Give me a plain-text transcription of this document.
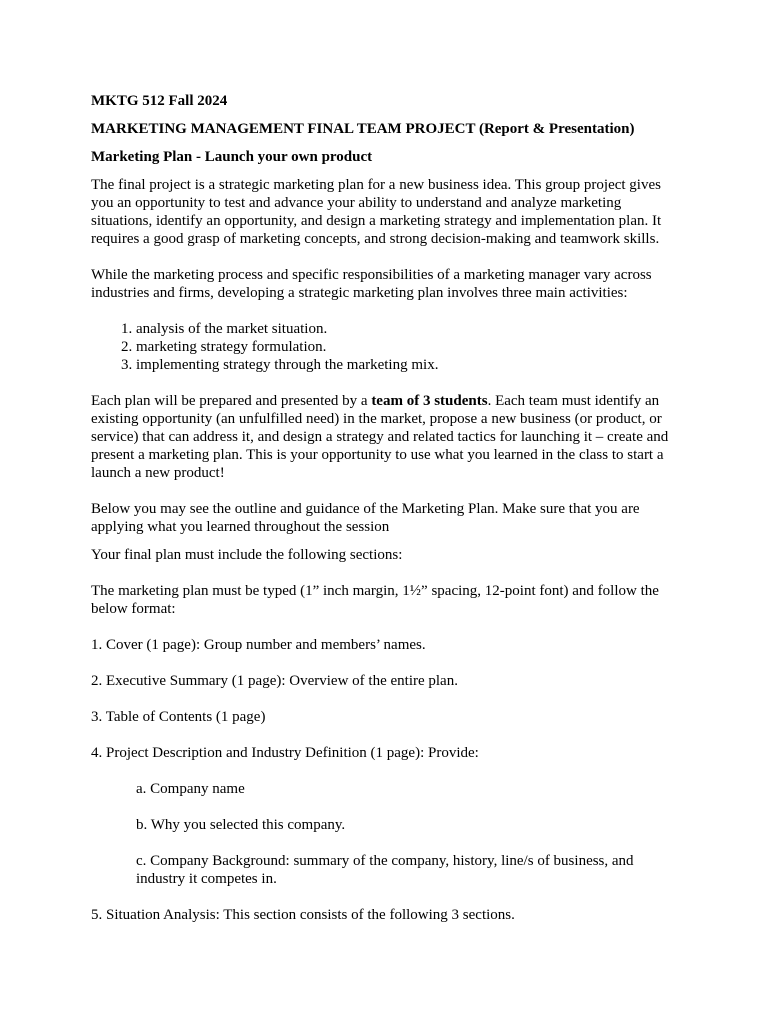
MKTG 512 Fall 2024

MARKETING MANAGEMENT FINAL TEAM PROJECT (Report & Presentation)

Marketing Plan - Launch your own product

The final project is a strategic marketing plan for a new business idea. This group project gives you an opportunity to test and advance your ability to understand and analyze marketing situations, identify an opportunity, and design a marketing strategy and implementation plan. It requires a good grasp of marketing concepts, and strong decision-making and teamwork skills.

While the marketing process and specific responsibilities of a marketing manager vary across industries and firms, developing a strategic marketing plan involves three main activities:

1. analysis of the market situation.
2. marketing strategy formulation.
3. implementing strategy through the marketing mix.

Each plan will be prepared and presented by a team of 3 students. Each team must identify an existing opportunity (an unfulfilled need) in the market, propose a new business (or product, or service) that can address it, and design a strategy and related tactics for launching it – create and present a marketing plan. This is your opportunity to use what you learned in the class to start a launch a new product!

Below you may see the outline and guidance of the Marketing Plan. Make sure that you are applying what you learned throughout the session

Your final plan must include the following sections:

The marketing plan must be typed (1” inch margin, 1½” spacing, 12-point font) and follow the below format:

1. Cover (1 page): Group number and members’ names.

2. Executive Summary (1 page): Overview of the entire plan.

3. Table of Contents (1 page)

4. Project Description and Industry Definition (1 page): Provide:

a. Company name

b. Why you selected this company.

c. Company Background: summary of the company, history, line/s of business, and industry it competes in.

5. Situation Analysis: This section consists of the following 3 sections.
